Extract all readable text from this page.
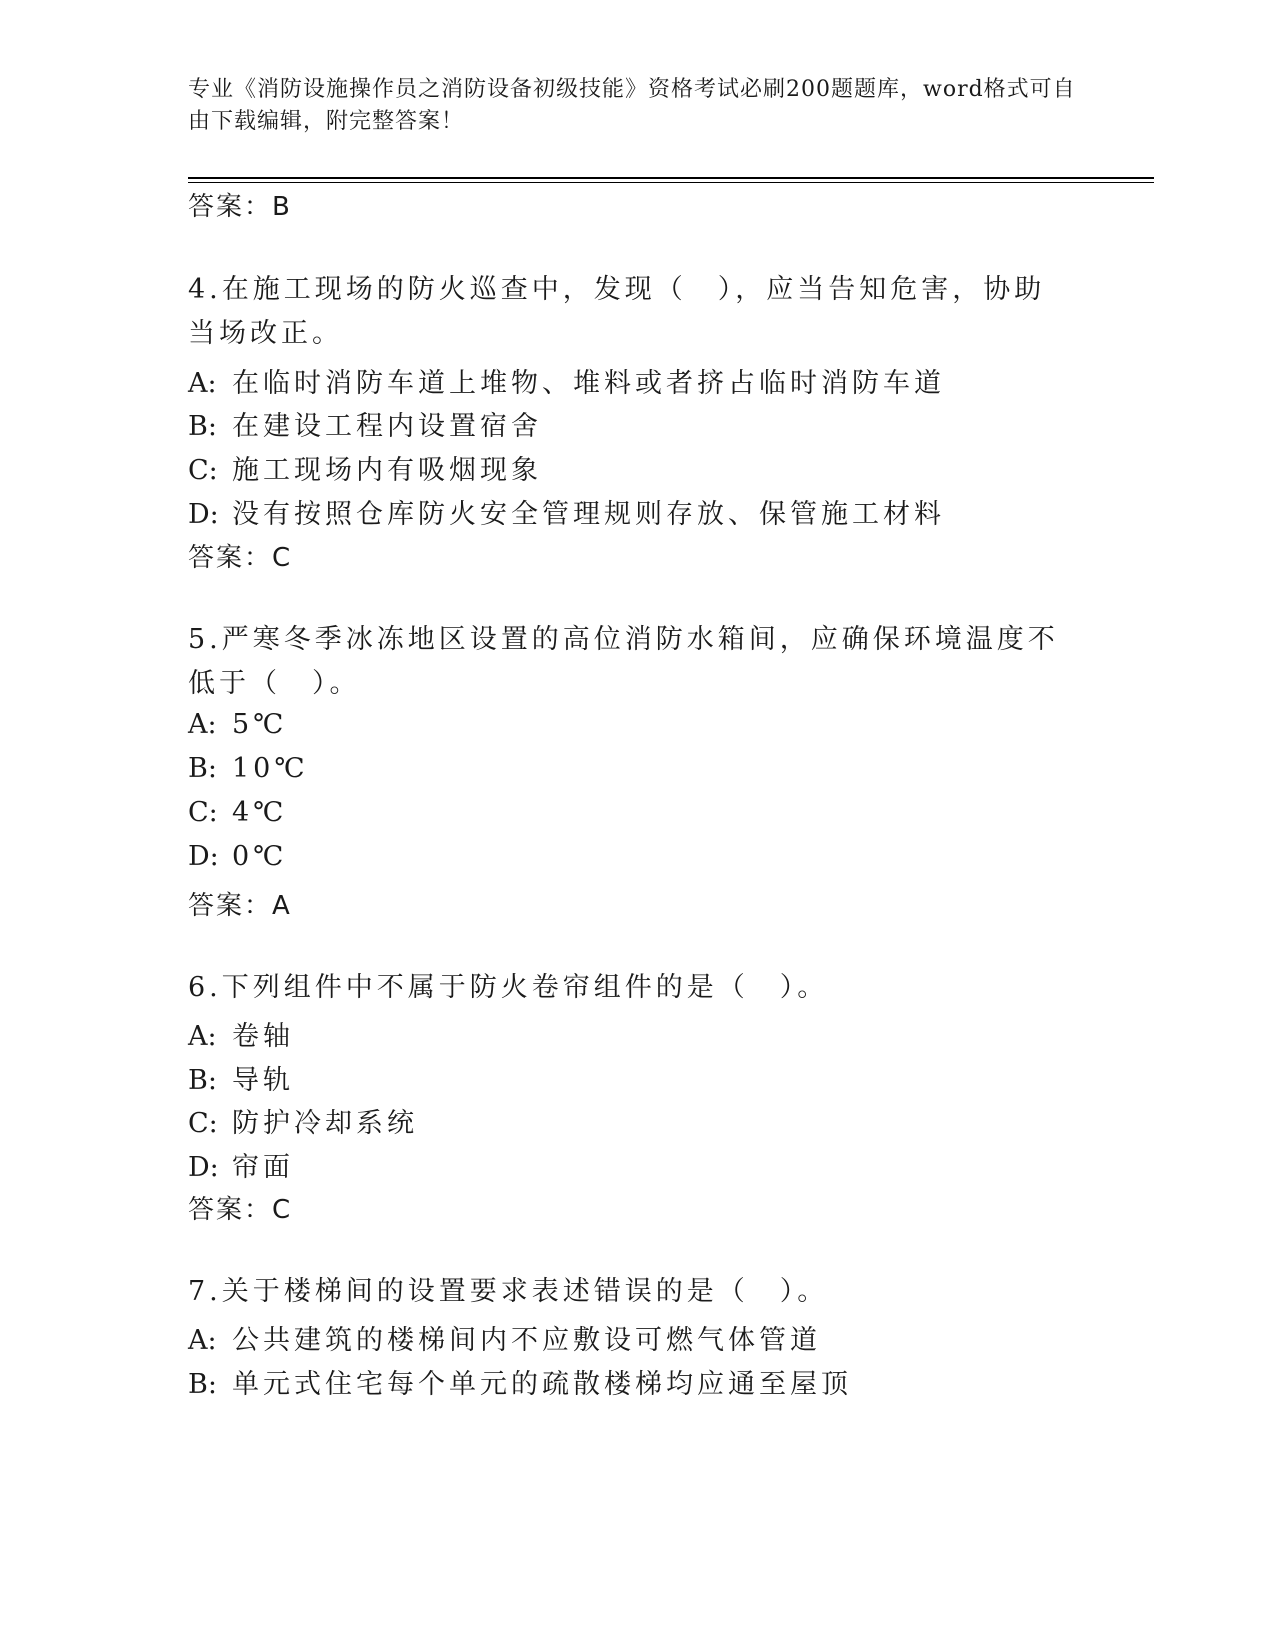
专业《消防设施操作员之消防设备初级技能》资格考试必刷200题题库，word格式可自由下载编辑，附完整答案！
答案：B
4.在施工现场的防火巡查中，发现（　），应当告知危害，协助当场改正。
A: 在临时消防车道上堆物、堆料或者挤占临时消防车道
B: 在建设工程内设置宿舍
C: 施工现场内有吸烟现象
D: 没有按照仓库防火安全管理规则存放、保管施工材料
答案：C
5.严寒冬季冰冻地区设置的高位消防水箱间，应确保环境温度不低于（　）。
A: 5℃
B: 10℃
C: 4℃
D: 0℃
答案：A
6.下列组件中不属于防火卷帘组件的是（　）。
A: 卷轴
B: 导轨
C: 防护冷却系统
D: 帘面
答案：C
7.关于楼梯间的设置要求表述错误的是（　）。
A: 公共建筑的楼梯间内不应敷设可燃气体管道
B: 单元式住宅每个单元的疏散楼梯均应通至屋顶
